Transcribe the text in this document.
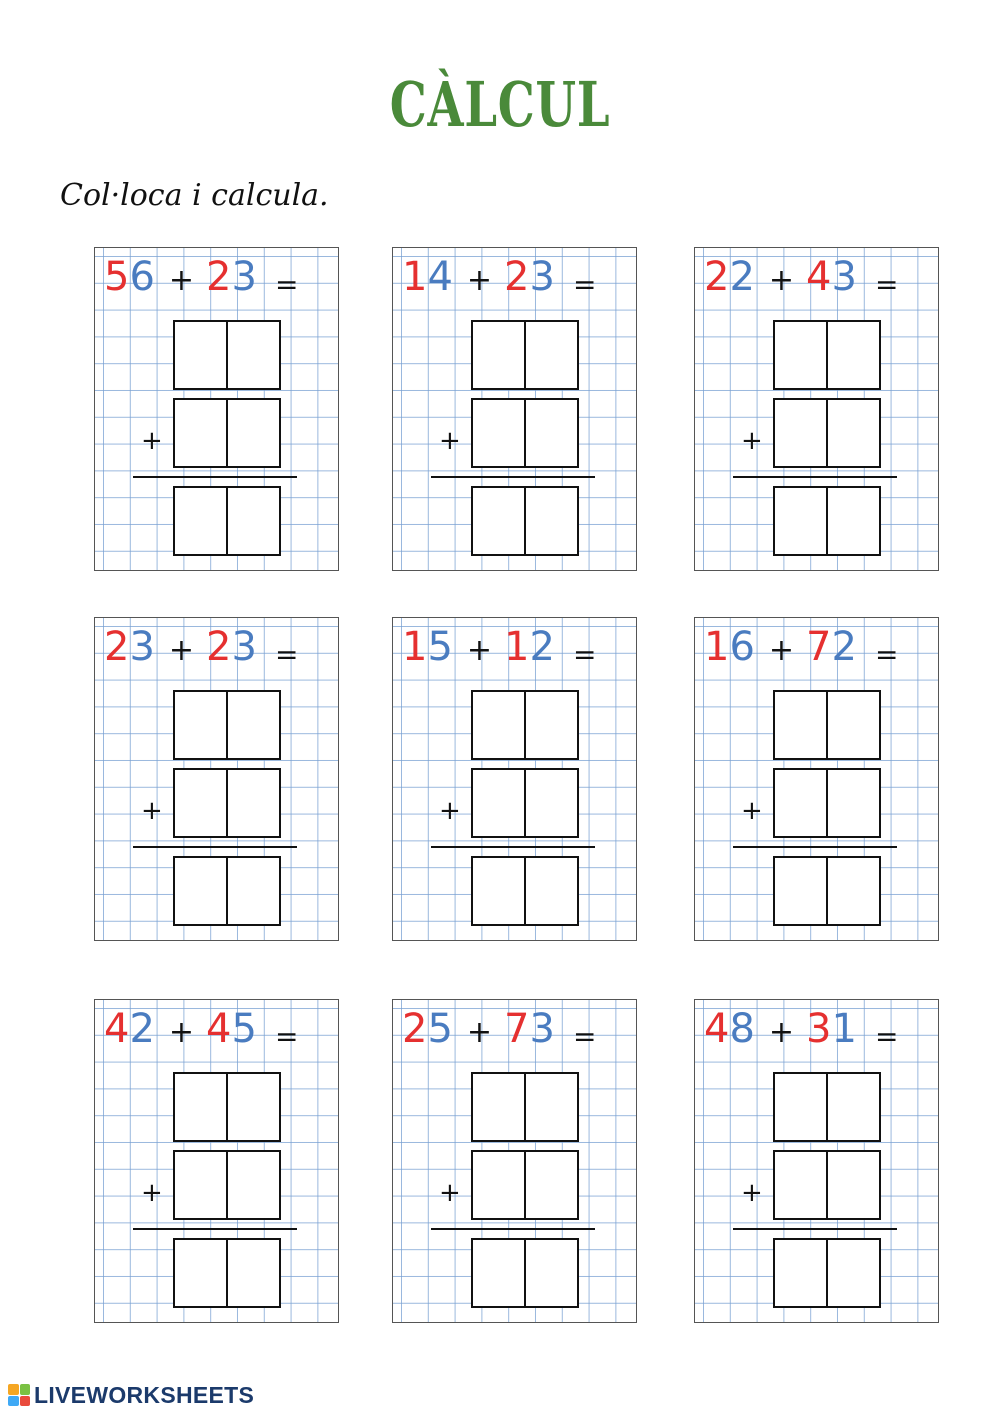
CÀLCUL
Col·loca i calcula.
5 6 + 2 3 =
+
1 4 + 2 3 =
+
2 2 + 4 3 =
+
2 3 + 2 3 =
+
1 5 + 1 2 =
+
1 6 + 7 2 =
+
4 2 + 4 5 =
+
2 5 + 7 3 =
+
4 8 + 3 1 =
+
LIVEWORKSHEETS
